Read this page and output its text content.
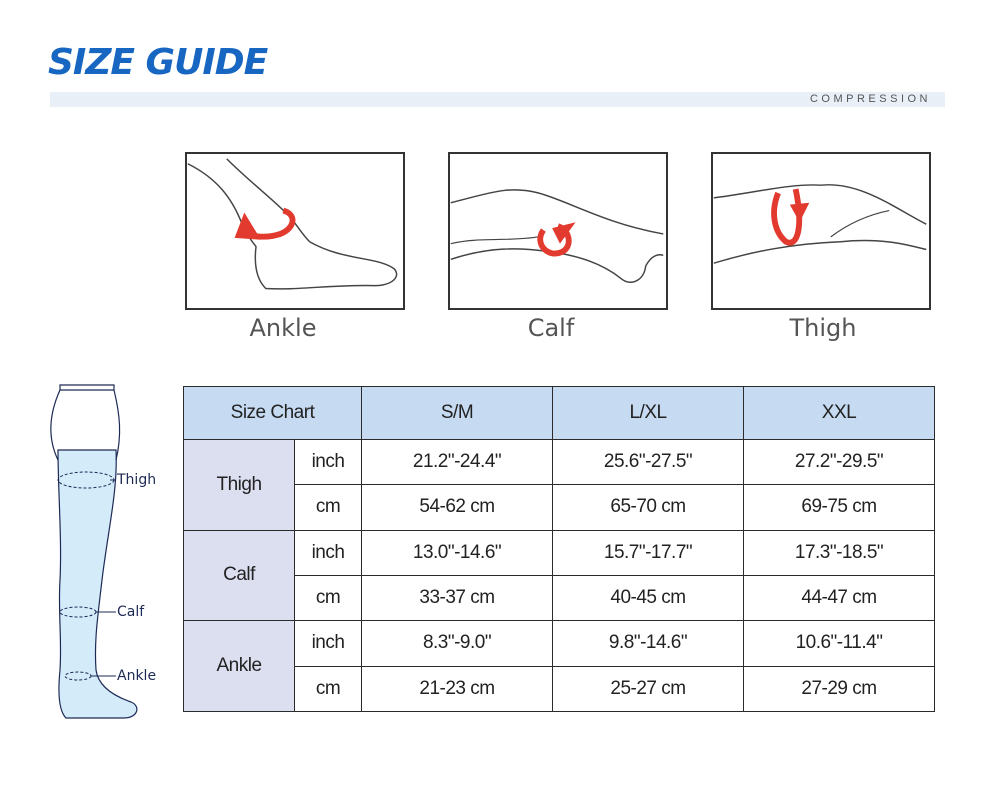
SIZE GUIDE
COMPRESSION
Ankle	Calf	Thigh
Thigh
Calf
Ankle
Size Chart		S/M	L/XL	XXL
Thigh	inch	21.2"-24.4"	25.6"-27.5"	27.2"-29.5"
	cm	54-62 cm	65-70 cm	69-75 cm
Calf	inch	13.0"-14.6"	15.7"-17.7"	17.3"-18.5"
	cm	33-37 cm	40-45 cm	44-47 cm
Ankle	inch	8.3"-9.0"	9.8"-14.6"	10.6"-11.4"
	cm	21-23 cm	25-27 cm	27-29 cm
